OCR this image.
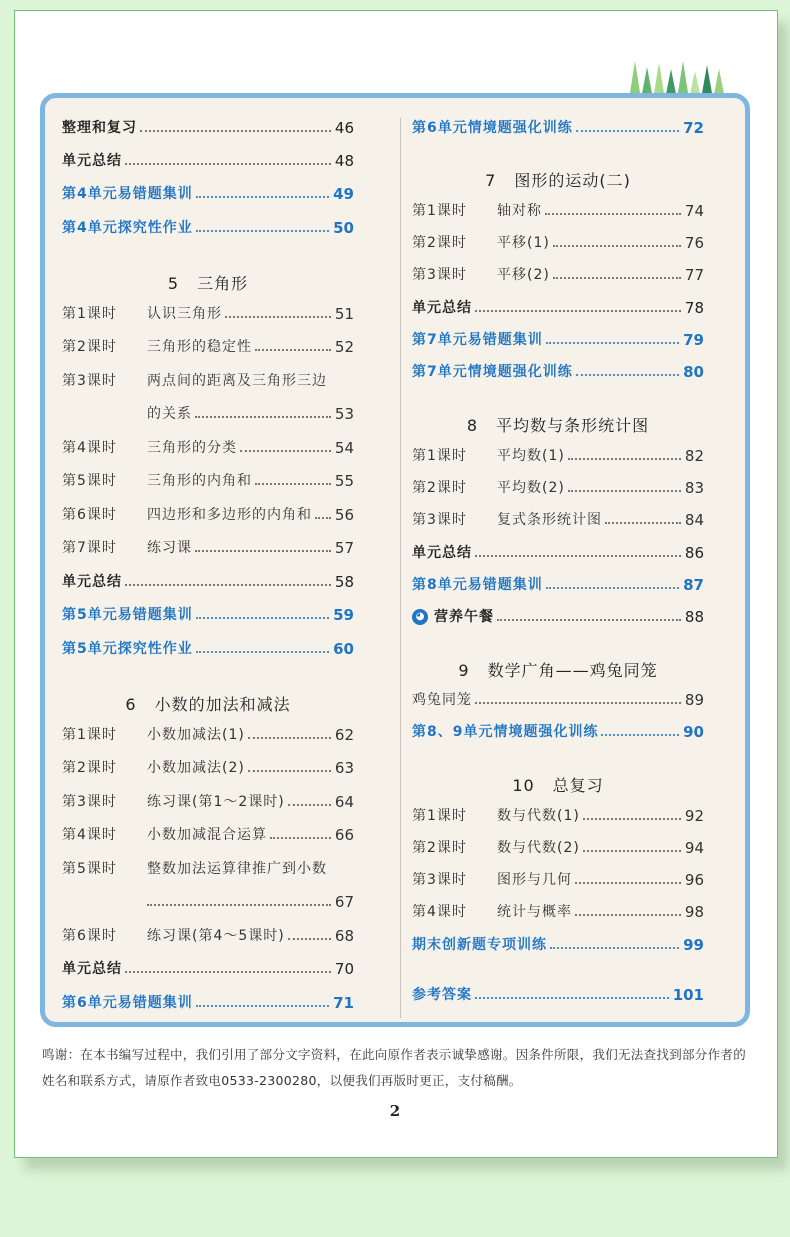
整理和复习	46
单元总结	48
第4单元易错题集训	49
第4单元探究性作业	50
5 三角形
第1课时	认识三角形	51
第2课时	三角形的稳定性	52
第3课时	两点间的距离及三角形三边
的关系	53
第4课时	三角形的分类	54
第5课时	三角形的内角和	55
第6课时	四边形和多边形的内角和 56
第7课时	练习课	57
单元总结	58
第5单元易错题集训	59
第5单元探究性作业	60
6 小数的加法和减法
第1课时	小数加减法(1)	62
第2课时	小数加减法(2)	63
第3课时	练习课(第1～2课时)	64
第4课时	小数加减混合运算	66
第5课时	整数加法运算律推广到小数
67
第6课时	练习课(第4～5课时)	68
单元总结	70
第6单元易错题集训	71
第6单元情境题强化训练	72
7 图形的运动(二)
第1课时	轴对称	74
第2课时	平移(1)	76
第3课时	平移(2)	77
单元总结	78
第7单元易错题集训	79
第7单元情境题强化训练	80
8 平均数与条形统计图
第1课时	平均数(1)	82
第2课时	平均数(2)	83
第3课时	复式条形统计图	84
单元总结	86
第8单元易错题集训	87
◕ 营养午餐	88
9 数学广角——鸡兔同笼
鸡兔同笼	89
第8、9单元情境题强化训练	90
10 总复习
第1课时	数与代数(1)	92
第2课时	数与代数(2)	94
第3课时	图形与几何	96
第4课时	统计与概率	98
期末创新题专项训练	99
参考答案	101
鸣谢：在本书编写过程中，我们引用了部分文字资料，在此向原作者表示诚挚感谢。因条件所限，我们无法查找到部分作者的姓名和联系方式，请原作者致电0533-2300280，以便我们再版时更正，支付稿酬。
2
